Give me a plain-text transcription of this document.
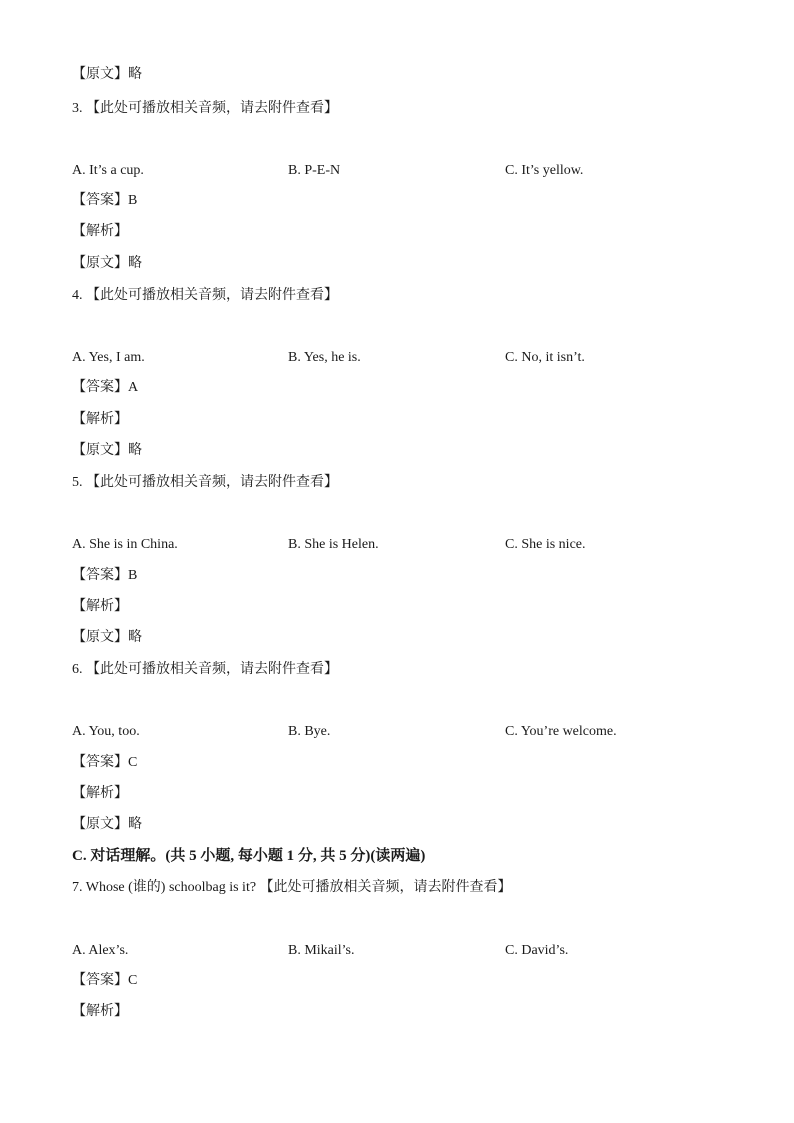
【原文】略
3. 【此处可播放相关音频，请去附件查看】
A. It’s a cup.	B. P-E-N	C. It’s yellow.
【答案】B
【解析】
【原文】略
4. 【此处可播放相关音频，请去附件查看】
A. Yes, I am.	B. Yes, he is.	C. No, it isn’t.
【答案】A
【解析】
【原文】略
5. 【此处可播放相关音频，请去附件查看】
A. She is in China.	B. She is Helen.	C. She is nice.
【答案】B
【解析】
【原文】略
6. 【此处可播放相关音频，请去附件查看】
A. You, too.	B. Bye.	C. You’re welcome.
【答案】C
【解析】
【原文】略
C. 对话理解。(共 5 小题, 每小题 1 分, 共 5 分)(读两遍)
7. Whose (谁的) schoolbag is it? 【此处可播放相关音频，请去附件查看】
A. Alex’s.	B. Mikail’s.	C. David’s.
【答案】C
【解析】
